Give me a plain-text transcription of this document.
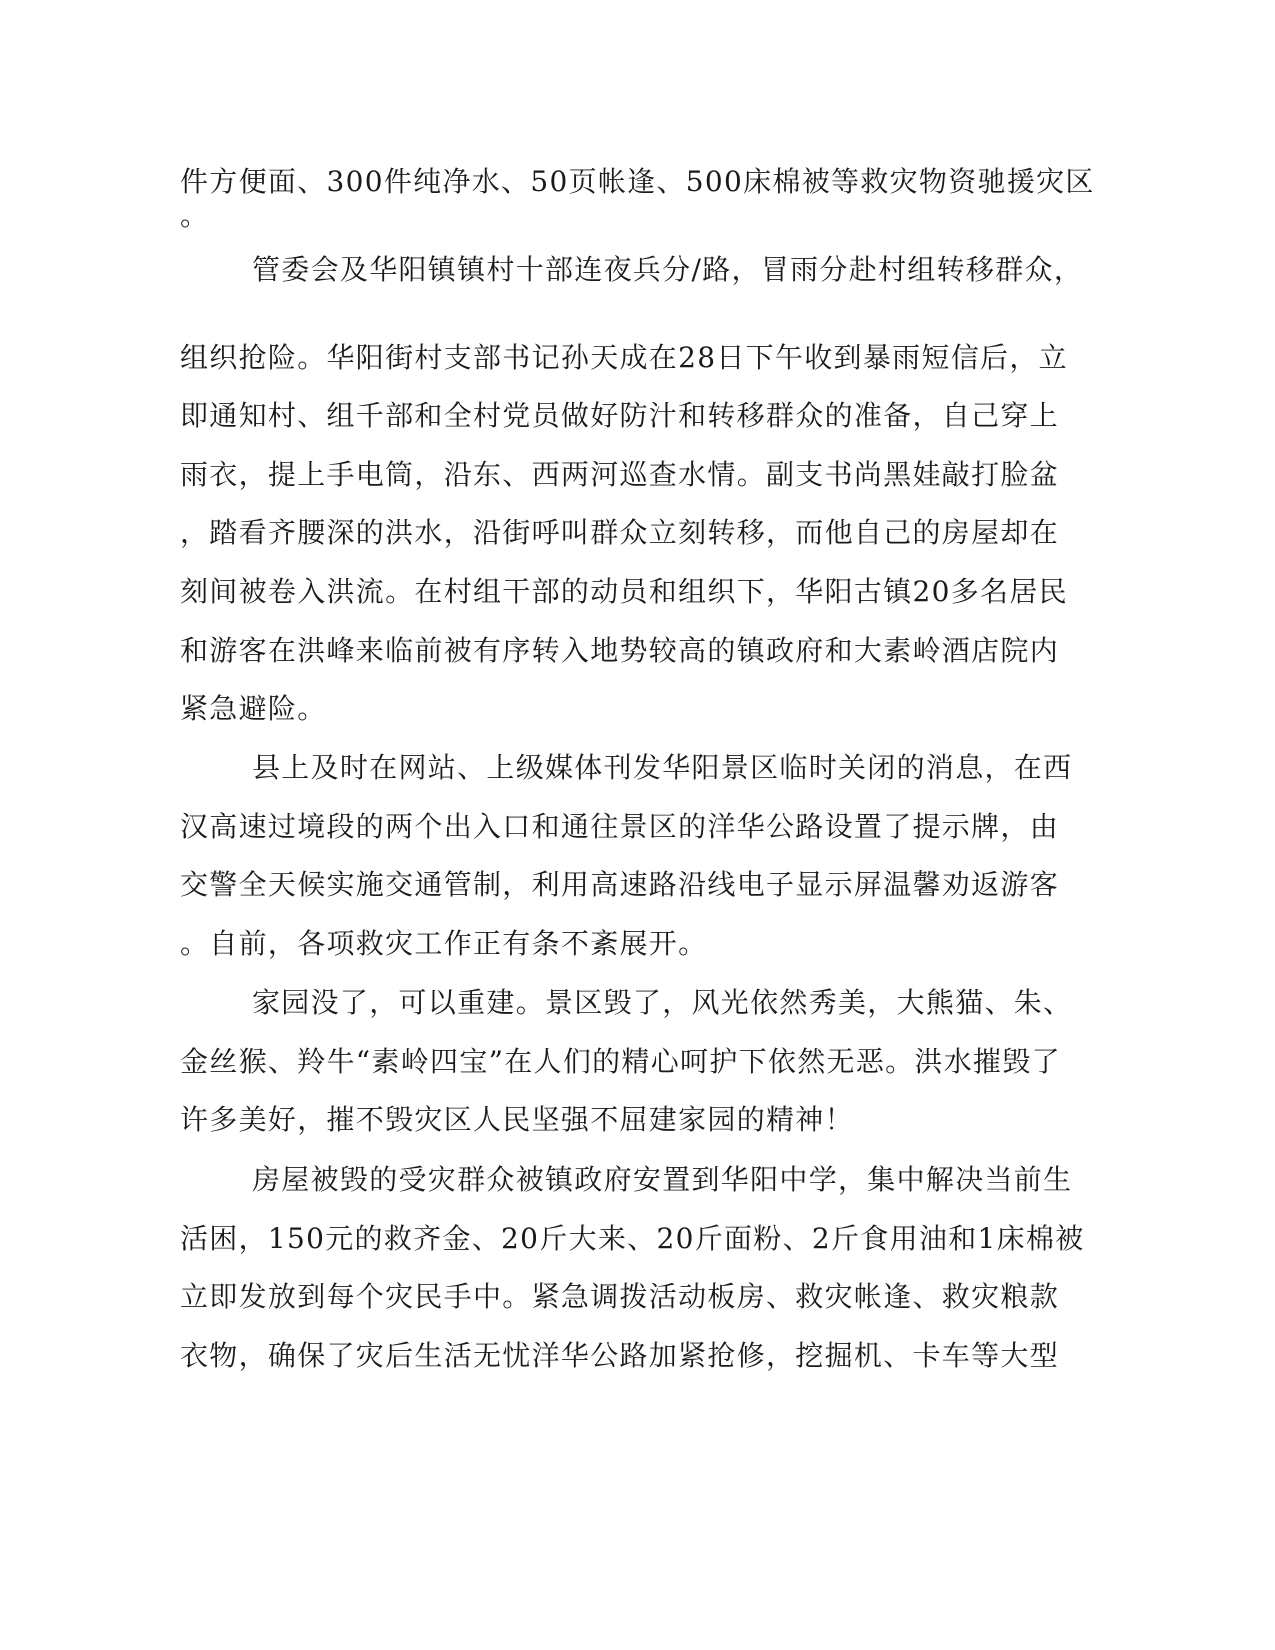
件方便面、300件纯净水、50页帐逢、500床棉被等救灾物资驰援灾区
。
管委会及华阳镇镇村十部连夜兵分/路，冒雨分赴村组转移群众，
组织抢险。华阳街村支部书记孙天成在28日下午收到暴雨短信后，立
即通知村、组千部和全村党员做好防汁和转移群众的准备，自己穿上
雨衣，提上手电筒，沿东、西两河巡查水情。副支书尚黑娃敲打脸盆
，踏看齐腰深的洪水，沿街呼叫群众立刻转移，而他自己的房屋却在
刻间被卷入洪流。在村组干部的动员和组织下，华阳古镇20多名居民
和游客在洪峰来临前被有序转入地势较高的镇政府和大素岭酒店院内
紧急避险。
县上及时在网站、上级媒体刊发华阳景区临时关闭的消息，在西
汉高速过境段的两个出入口和通往景区的洋华公路设置了提示牌，由
交警全天候实施交通管制，利用高速路沿线电子显示屏温馨劝返游客
。自前，各项救灾工作正有条不紊展开。
家园没了，可以重建。景区毁了，风光依然秀美，大熊猫、朱、
金丝猴、羚牛“素岭四宝”在人们的精心呵护下依然无恶。洪水摧毁了
许多美好，摧不毁灾区人民坚强不屈建家园的精神！
房屋被毁的受灾群众被镇政府安置到华阳中学，集中解决当前生
活困，150元的救齐金、20斤大来、20斤面粉、2斤食用油和1床棉被
立即发放到每个灾民手中。紧急调拨活动板房、救灾帐逢、救灾粮款
衣物，确保了灾后生活无忧洋华公路加紧抢修，挖掘机、卡车等大型
